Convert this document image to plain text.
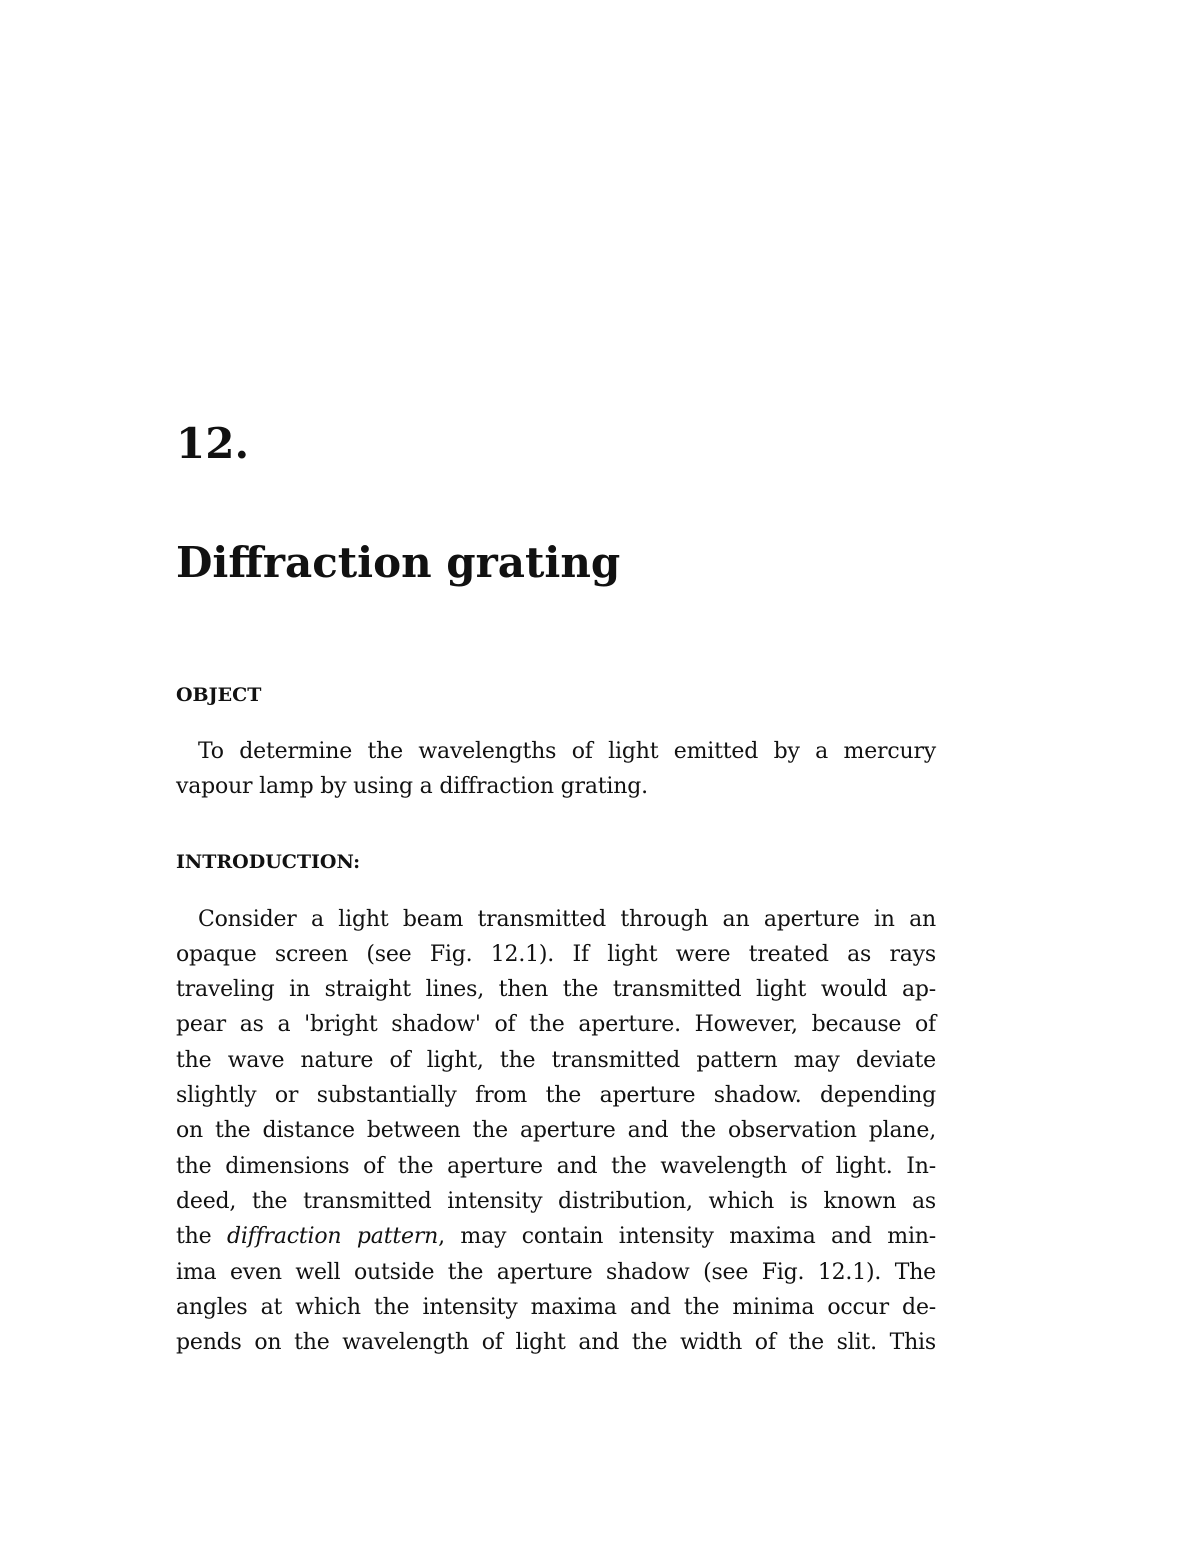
12.
Diffraction grating
OBJECT

To determine the wavelengths of light emitted by a mercury
vapour lamp by using a diffraction grating.

INTRODUCTION:

Consider a light beam transmitted through an aperture in an
opaque screen (see Fig. 12.1). If light were treated as rays
traveling in straight lines, then the transmitted light would ap-
pear as a 'bright shadow' of the aperture. However, because of
the wave nature of light, the transmitted pattern may deviate
slightly or substantially from the aperture shadow. depending
on the distance between the aperture and the observation plane,
the dimensions of the aperture and the wavelength of light. In-
deed, the transmitted intensity distribution, which is known as
the diffraction pattern, may contain intensity maxima and min-
ima even well outside the aperture shadow (see Fig. 12.1). The
angles at which the intensity maxima and the minima occur de-
pends on the wavelength of light and the width of the slit. This
